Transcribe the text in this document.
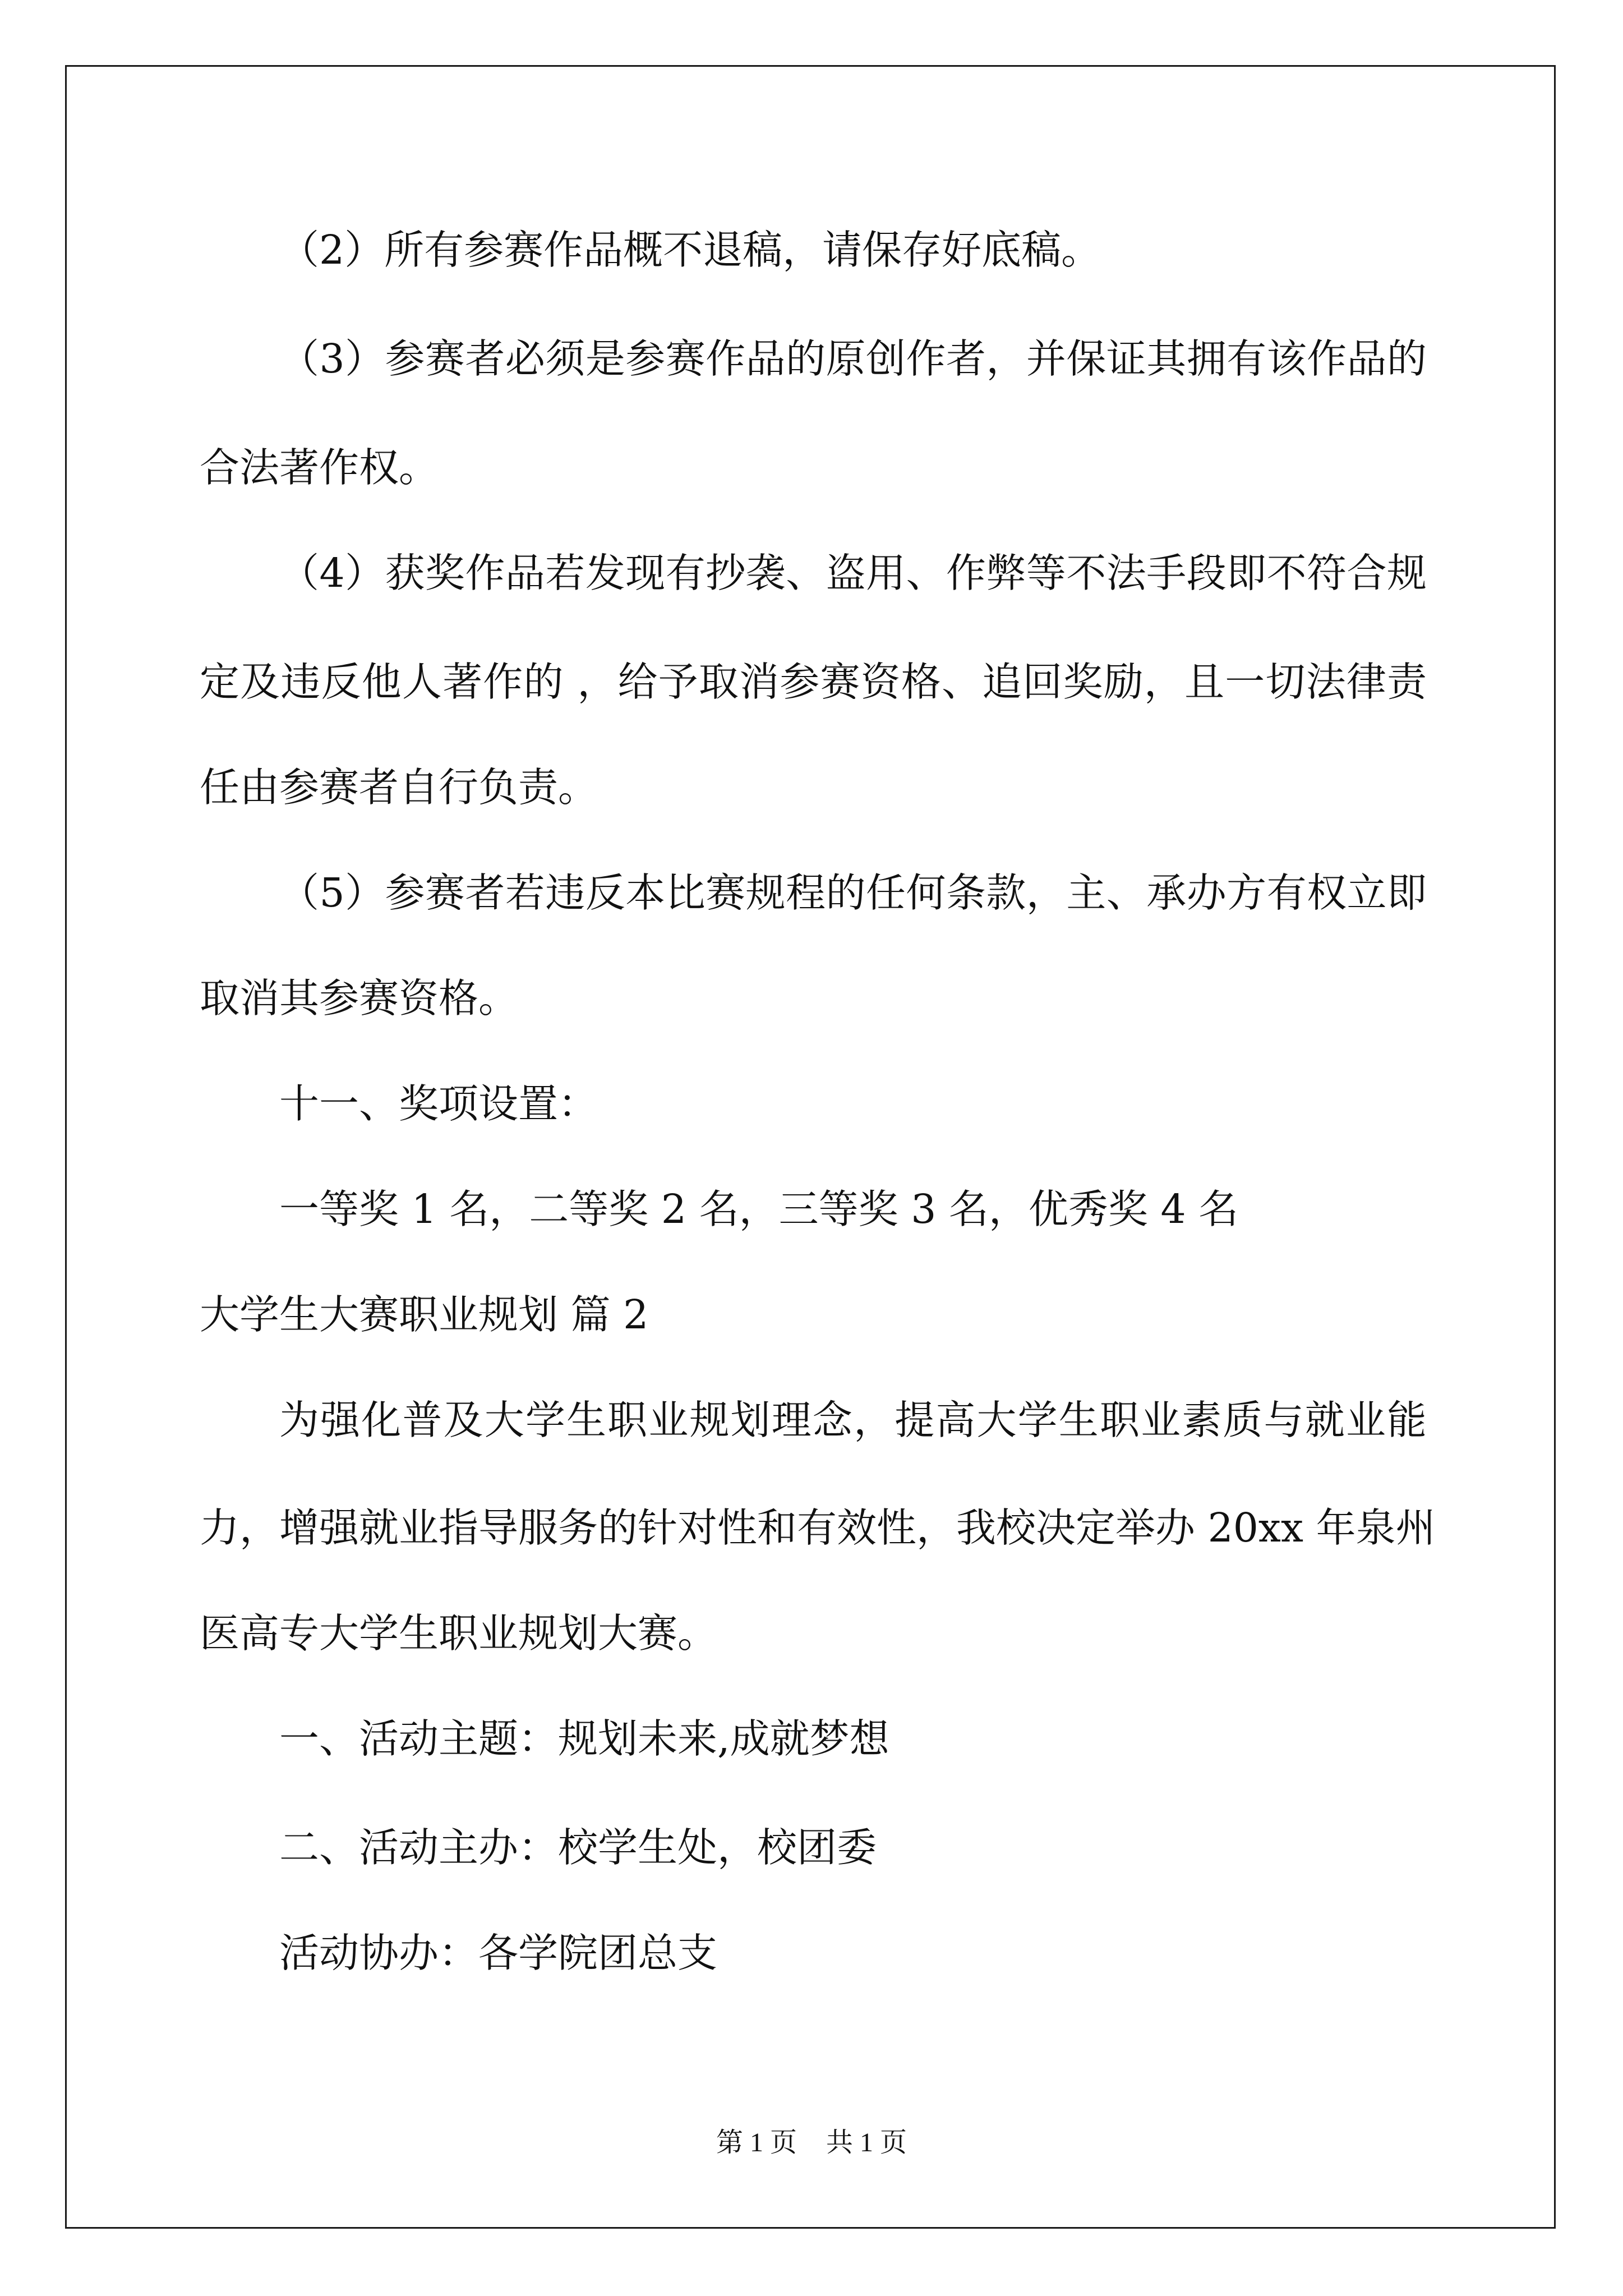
（2）所有参赛作品概不退稿，请保存好底稿。
（3）参赛者必须是参赛作品的原创作者，并保证其拥有该作品的
合法著作权。
（4）获奖作品若发现有抄袭、盗用、作弊等不法手段即不符合规
定及违反他人著作的 ，给予取消参赛资格、追回奖励，且一切法律责
任由参赛者自行负责。
（5）参赛者若违反本比赛规程的任何条款，主、承办方有权立即
取消其参赛资格。
十一、奖项设置：
一等奖 1 名，二等奖 2 名，三等奖 3 名，优秀奖 4 名
大学生大赛职业规划 篇 2
为强化普及大学生职业规划理念，提高大学生职业素质与就业能
力，增强就业指导服务的针对性和有效性，我校决定举办 20xx 年泉州
医高专大学生职业规划大赛。
一、活动主题：规划未来,成就梦想
二、活动主办：校学生处，校团委
活动协办：各学院团总支
第 1 页 共 1 页
